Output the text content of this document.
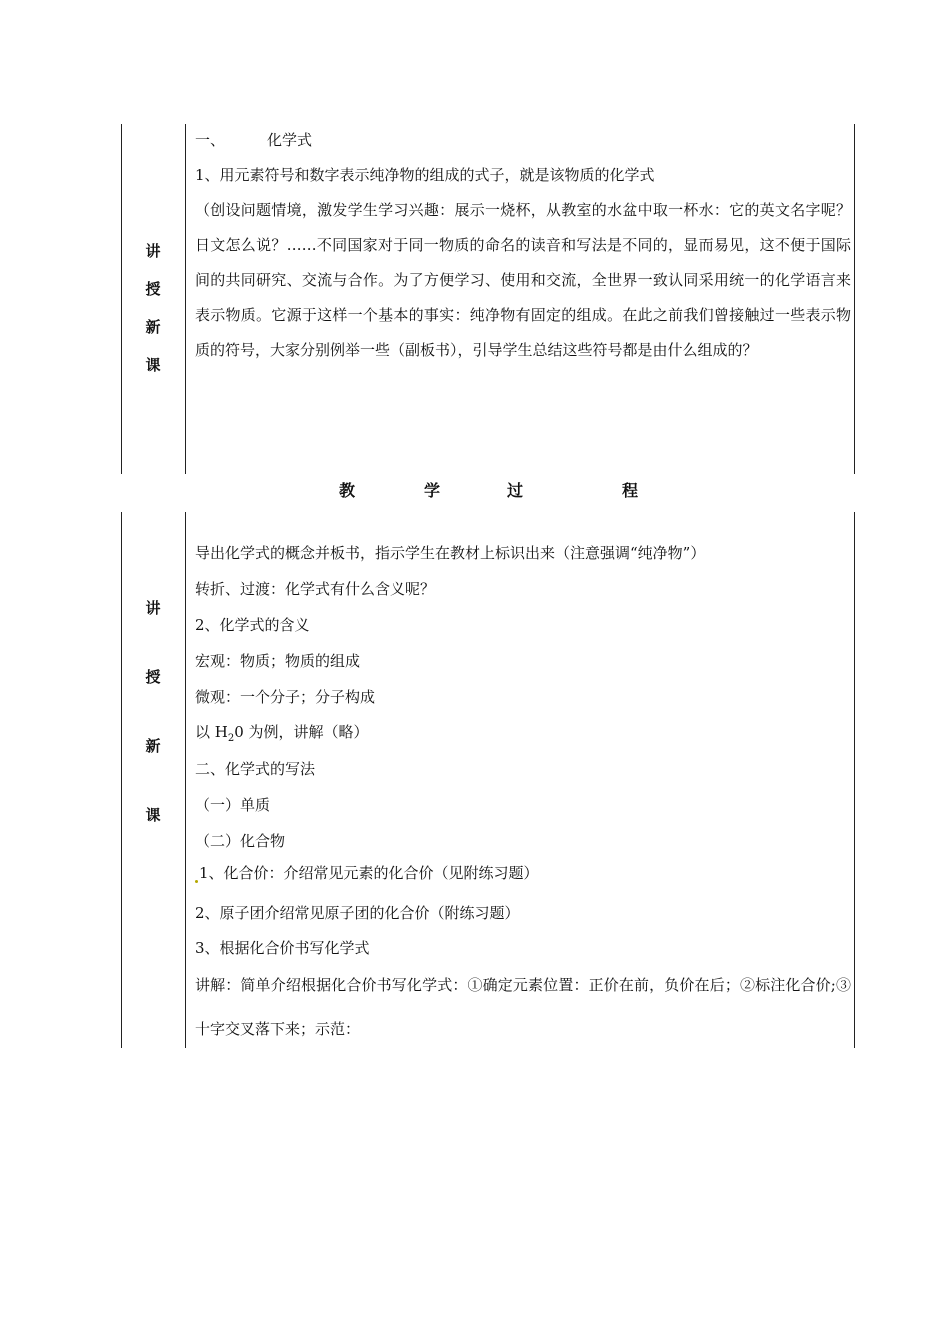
讲
授
新
课
一、	化学式
1、用元素符号和数字表示纯净物的组成的式子，就是该物质的化学式
（创设问题情境，激发学生学习兴趣：展示一烧杯，从教室的水盆中取一杯水：它的英文名字呢？日文怎么说？……不同国家对于同一物质的命名的读音和写法是不同的，显而易见，这不便于国际间的共同研究、交流与合作。为了方便学习、使用和交流，全世界一致认同采用统一的化学语言来表示物质。它源于这样一个基本的事实：纯净物有固定的组成。在此之前我们曾接触过一些表示物质的符号，大家分别例举一些（副板书），引导学生总结这些符号都是由什么组成的？
教	学	过	程
讲
授
新
课
导出化学式的概念并板书，指示学生在教材上标识出来（注意强调“纯净物”）
转折、过渡：化学式有什么含义呢？
2、化学式的含义
宏观：物质；物质的组成
微观：一个分子；分子构成
以 $H_20$ 为例，讲解（略）
二、化学式的写法
（一）单质
（二）化合物
1、化合价：介绍常见元素的化合价（见附练习题）
2、原子团介绍常见原子团的化合价（附练习题）
3、根据化合价书写化学式
讲解：简单介绍根据化合价书写化学式：①确定元素位置：正价在前，负价在后；②标注化合价;③ 十字交叉落下来；示范：
